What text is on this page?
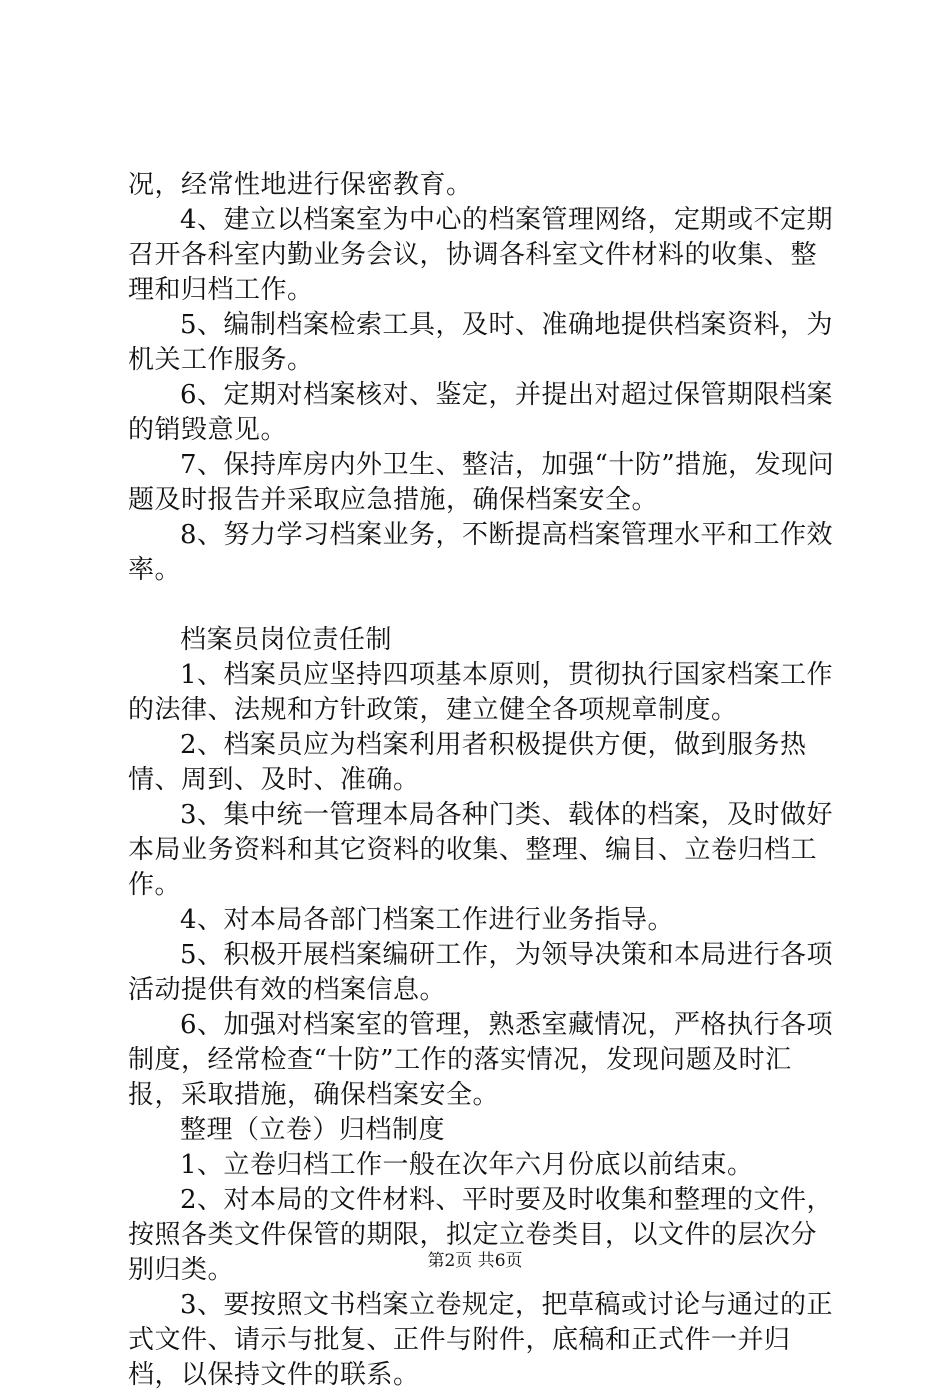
况，经常性地进行保密教育。

4、建立以档案室为中心的档案管理网络，定期或不定期召开各科室内勤业务会议，协调各科室文件材料的收集、整理和归档工作。

5、编制档案检索工具，及时、准确地提供档案资料，为机关工作服务。

6、定期对档案核对、鉴定，并提出对超过保管期限档案的销毁意见。

7、保持库房内外卫生、整洁，加强“十防”措施，发现问题及时报告并采取应急措施，确保档案安全。

8、努力学习档案业务，不断提高档案管理水平和工作效率。

档案员岗位责任制

1、档案员应坚持四项基本原则，贯彻执行国家档案工作的法律、法规和方针政策，建立健全各项规章制度。

2、档案员应为档案利用者积极提供方便，做到服务热情、周到、及时、准确。

3、集中统一管理本局各种门类、载体的档案，及时做好本局业务资料和其它资料的收集、整理、编目、立卷归档工作。

4、对本局各部门档案工作进行业务指导。

5、积极开展档案编研工作，为领导决策和本局进行各项活动提供有效的档案信息。

6、加强对档案室的管理，熟悉室藏情况，严格执行各项制度，经常检查“十防”工作的落实情况，发现问题及时汇报，采取措施，确保档案安全。

整理（立卷）归档制度

1、立卷归档工作一般在次年六月份底以前结束。

2、对本局的文件材料、平时要及时收集和整理的文件，按照各类文件保管的期限，拟定立卷类目，以文件的层次分别归类。

3、要按照文书档案立卷规定，把草稿或讨论与通过的正式文件、请示与批复、正件与附件，底稿和正式件一并归档，以保持文件的联系。

第2页 共6页
